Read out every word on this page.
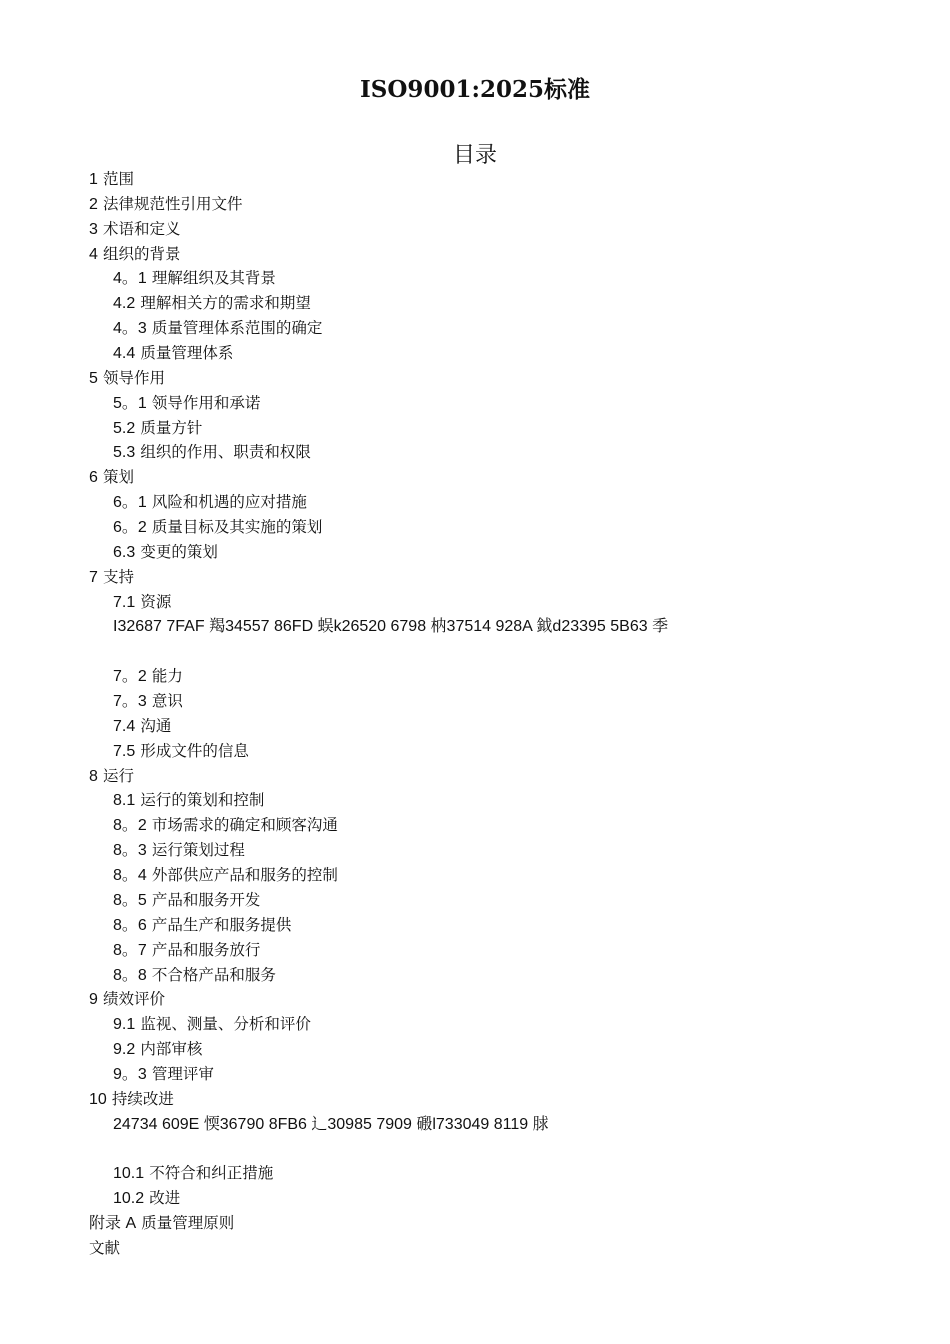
ISO9001:2025标准
目录
1 范围
2 法律规范性引用文件
3 术语和定义
4 组织的背景
4。1 理解组织及其背景
4.2 理解相关方的需求和期望
4。3 质量管理体系范围的确定
4.4 质量管理体系
5 领导作用
5。1 领导作用和承诺
5.2 质量方针
5.3 组织的作用、职责和权限
6 策划
6。1 风险和机遇的应对措施
6。2 质量目标及其实施的策划
6.3 变更的策划
7 支持
7.1 资源
I32687 7FAF 羯34557 86FD 蜈k26520 6798 枘37514 928A 鉞d23395 5B63 季
7。2 能力
7。3 意识
7.4 沟通
7.5 形成文件的信息
8 运行
8.1 运行的策划和控制
8。2 市场需求的确定和顾客沟通
8。3 运行策划过程
8。4 外部供应产品和服务的控制
8。5 产品和服务开发
8。6 产品生产和服务提供
8。7 产品和服务放行
8。8 不合格产品和服务
9 绩效评价
9.1 监视、测量、分析和评价
9.2 内部审核
9。3 管理评审
10 持续改进
24734 609E 愞36790 8FB6 辶30985 7909 磤l733049 8119 脙
10.1 不符合和纠正措施
10.2 改进
附录 A 质量管理原则
文献
